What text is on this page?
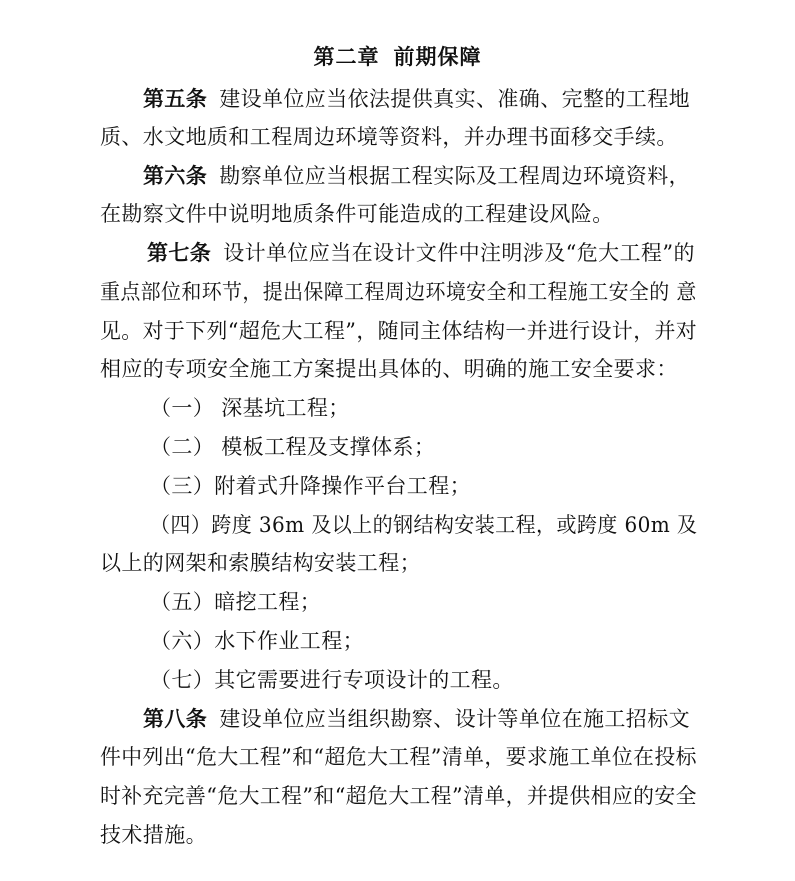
第二章 前期保障
第五条 建设单位应当依法提供真实、准确、完整的工程地
质、水文地质和工程周边环境等资料，并办理书面移交手续。
第六条 勘察单位应当根据工程实际及工程周边环境资料，
在勘察文件中说明地质条件可能造成的工程建设风险。
第七条 设计单位应当在设计文件中注明涉及“危大工程”的
重点部位和环节，提出保障工程周边环境安全和工程施工安全的 意
见。对于下列“超危大工程”，随同主体结构一并进行设计，并对
相应的专项安全施工方案提出具体的、明确的施工安全要求：
（一） 深基坑工程；
（二） 模板工程及支撑体系；
（三）附着式升降操作平台工程；
（四）跨度 36m 及以上的钢结构安装工程，或跨度 60m 及
以上的网架和索膜结构安装工程；
（五）暗挖工程；
（六）水下作业工程；
（七）其它需要进行专项设计的工程。
第八条 建设单位应当组织勘察、设计等单位在施工招标文
件中列出“危大工程”和“超危大工程”清单，要求施工单位在投标
时补充完善“危大工程”和“超危大工程”清单，并提供相应的安全
技术措施。
